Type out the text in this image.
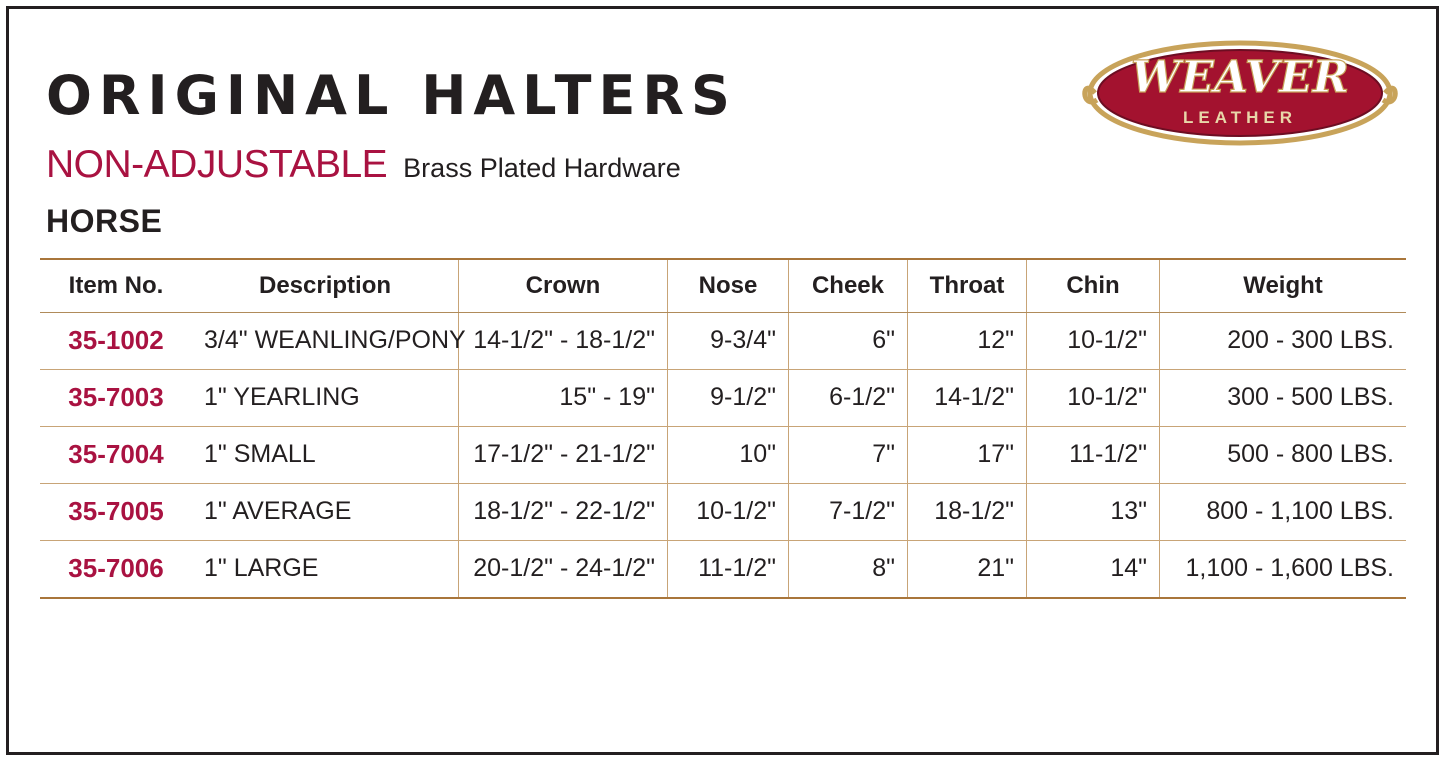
WEAVER
LEATHER
ORIGINAL HALTERS
NON-ADJUSTABLE Brass Plated Hardware
HORSE
Item No.	Description	Crown	Nose	Cheek	Throat	Chin	Weight

35-1002	3/4" WEANLING/PONY	14-1/2" - 18-1/2"	9-3/4"	6"	12"	10-1/2"	200 - 300 LBS.

35-7003	1" YEARLING	15" - 19"	9-1/2"	6-1/2"	14-1/2"	10-1/2"	300 - 500 LBS.

35-7004	1" SMALL	17-1/2" - 21-1/2"	10"	7"	17"	11-1/2"	500 - 800 LBS.

35-7005	1" AVERAGE	18-1/2" - 22-1/2"	10-1/2"	7-1/2"	18-1/2"	13"	800 - 1,100 LBS.

35-7006	1" LARGE	20-1/2" - 24-1/2"	11-1/2"	8"	21"	14"	1,100 - 1,600 LBS.
